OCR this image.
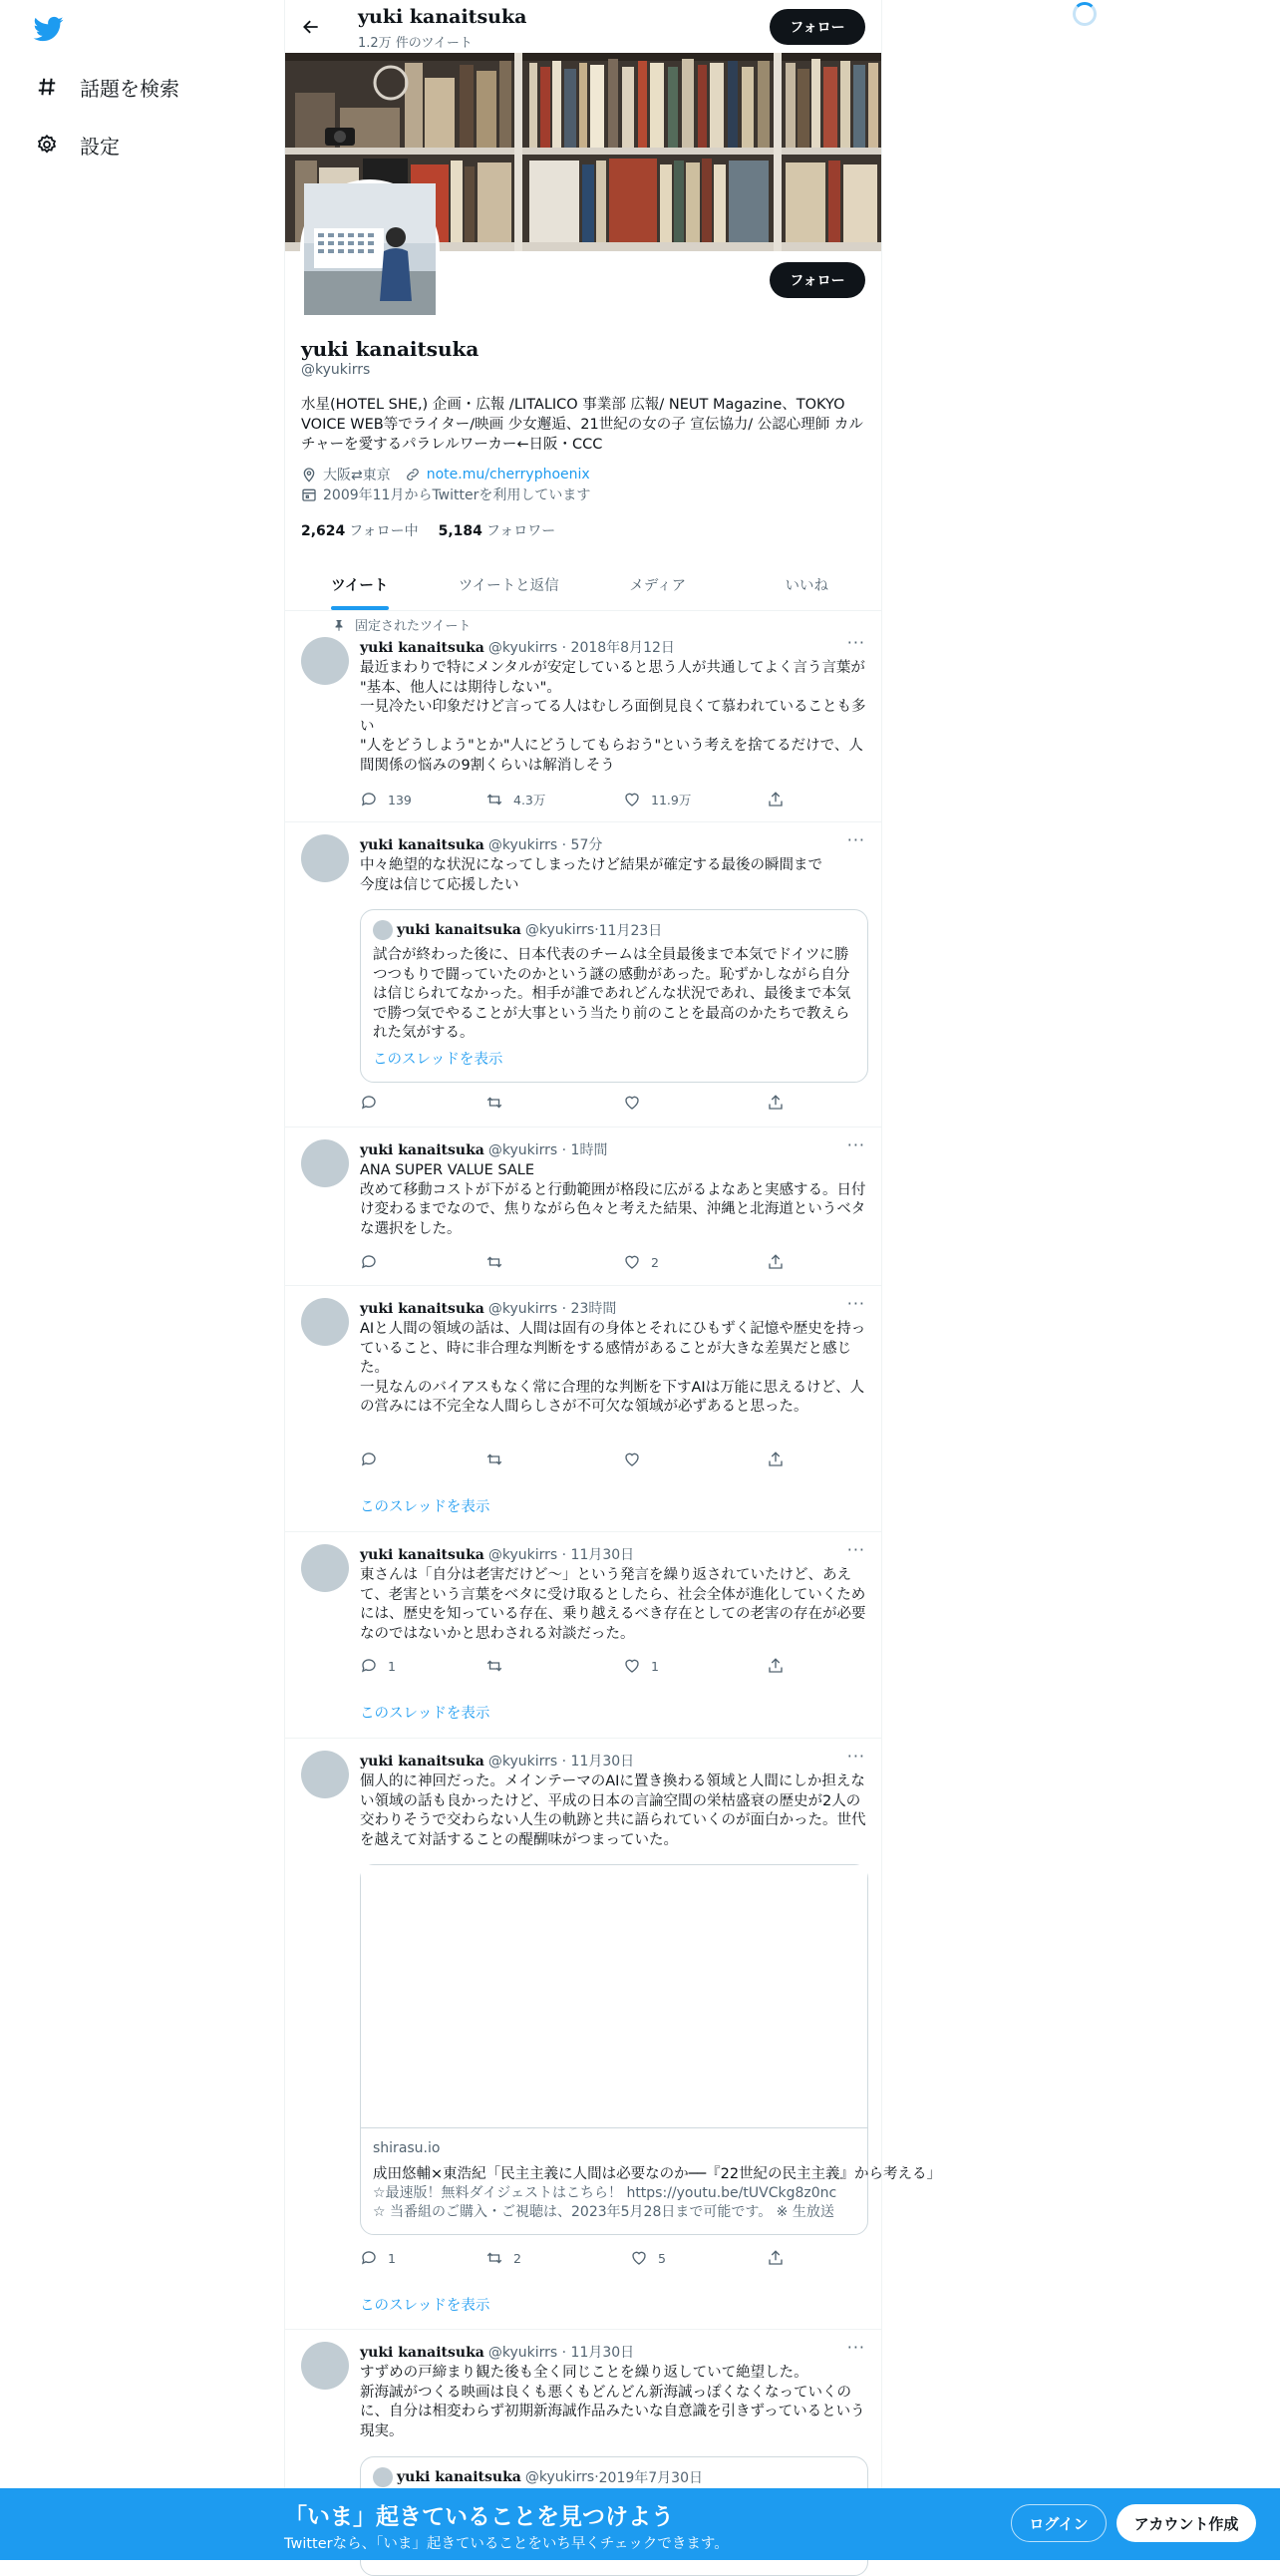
話題を検索
設定
yuki kanaitsuka
1.2万 件のツイート
フォロー
フォロー
yuki kanaitsuka
@kyukirrs
水星(HOTEL SHE,) 企画・広報 /LITALICO 事業部 広報/ NEUT Magazine、TOKYO VOICE WEB等でライター/映画 少女邂逅、21世紀の女の子 宣伝協力/ 公認心理師 カルチャーを愛するパラレルワーカー←日阪・CCC
大阪⇄東京	note.mu/cherryphoenix
2009年11月からTwitterを利用しています
2,624 フォロー中 5,184 フォロワー
ツイート	ツイートと返信	メディア	いいね
固定されたツイート
yuki kanaitsuka @kyukirrs · 2018年8月12日	···
最近まわりで特にメンタルが安定していると思う人が共通してよく言う言葉が "基本、他人には期待しない"。
一見冷たい印象だけど言ってる人はむしろ面倒見良くて慕われていることも多い
"人をどうしよう"とか"人にどうしてもらおう"という考えを捨てるだけで、人間関係の悩みの9割くらいは解消しそう
139	4.3万	11.9万
yuki kanaitsuka @kyukirrs · 57分	···
中々絶望的な状況になってしまったけど結果が確定する最後の瞬間まで
今度は信じて応援したい
yuki kanaitsuka @kyukirrs · 11月23日
試合が終わった後に、日本代表のチームは全員最後まで本気でドイツに勝つつもりで闘っていたのかという謎の感動があった。恥ずかしながら自分は信じられてなかった。相手が誰であれどんな状況であれ、最後まで本気で勝つ気でやることが大事という当たり前のことを最高のかたちで教えられた気がする。
このスレッドを表示
yuki kanaitsuka @kyukirrs · 1時間	···
ANA SUPER VALUE SALE
改めて移動コストが下がると行動範囲が格段に広がるよなあと実感する。日付け変わるまでなので、焦りながら色々と考えた結果、沖縄と北海道というベタな選択をした。
2
yuki kanaitsuka @kyukirrs · 23時間	···
AIと人間の領域の話は、人間は固有の身体とそれにひもずく記憶や歴史を持っていること、時に非合理な判断をする感情があることが大きな差異だと感じた。
一見なんのバイアスもなく常に合理的な判断を下すAIは万能に思えるけど、人の営みには不完全な人間らしさが不可欠な領域が必ずあると思った。
このスレッドを表示
yuki kanaitsuka @kyukirrs · 11月30日	···
東さんは「自分は老害だけど〜」という発言を繰り返されていたけど、あえて、老害という言葉をベタに受け取るとしたら、社会全体が進化していくためには、歴史を知っている存在、乗り越えるべき存在としての老害の存在が必要なのではないかと思わされる対談だった。
1	1
このスレッドを表示
yuki kanaitsuka @kyukirrs · 11月30日	···
個人的に神回だった。メインテーマのAIに置き換わる領域と人間にしか担えない領域の話も良かったけど、平成の日本の言論空間の栄枯盛衰の歴史が2人の交わりそうで交わらない人生の軌跡と共に語られていくのが面白かった。世代を越えて対話することの醍醐味がつまっていた。
shirasu.io
成田悠輔×東浩紀「民主主義に人間は必要なのか──『22世紀の民主主義』から考える」
☆最速版！無料ダイジェストはこちら！ https://youtu.be/tUVCkg8z0nc
☆ 当番組のご購入・ご視聴は、2023年5月28日まで可能です。 ※ 生放送
1	2	5
このスレッドを表示
yuki kanaitsuka @kyukirrs · 11月30日	···
すずめの戸締まり観た後も全く同じことを繰り返していて絶望した。
新海誠がつくる映画は良くも悪くもどんどん新海誠っぽくなくなっていくのに、自分は相変わらず初期新海誠作品みたいな自意識を引きずっているという現実。
yuki kanaitsuka @kyukirrs · 2019年7月30日
「いま」起きていることを見つけよう
Twitterなら、「いま」起きていることをいち早くチェックできます。
ログイン	アカウント作成
